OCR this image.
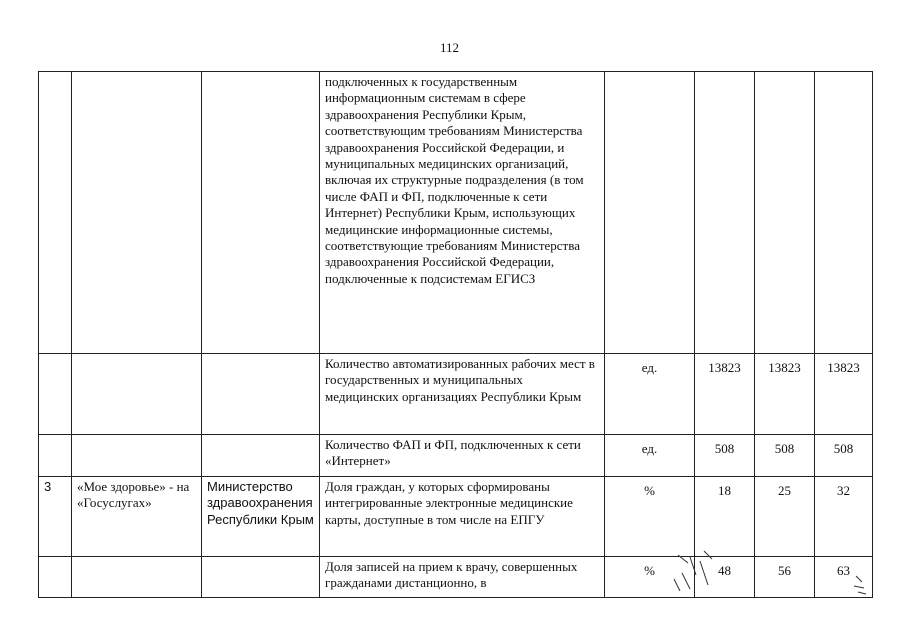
112
			подключенных к государственным информационным системам в сфере здравоохранения Республики Крым, соответствующим требованиям Министерства здравоохранения Российской Федерации, и муниципальных медицинских организаций, включая их структурные подразделения (в том числе ФАП и ФП, подключенные к сети Интернет) Республики Крым, использующих медицинские информационные системы, соответствующие требованиям Министерства здравоохранения Российской Федерации, подключенные к подсистемам ЕГИСЗ				
			Количество автоматизированных рабочих мест в государственных и муниципальных медицинских организациях Республики Крым	ед.	13823	13823	13823
			Количество ФАП и ФП, подключенных к сети «Интернет»	ед.	508	508	508
3	«Мое здоровье» - на «Госуслугах»	Министерство здравоохранения Республики Крым	Доля граждан, у которых сформированы интегрированные электронные медицинские карты, доступные в том числе на ЕПГУ	%	18	25	32
			Доля записей на прием к врачу, совершенных гражданами дистанционно, в	%	48	56	63
